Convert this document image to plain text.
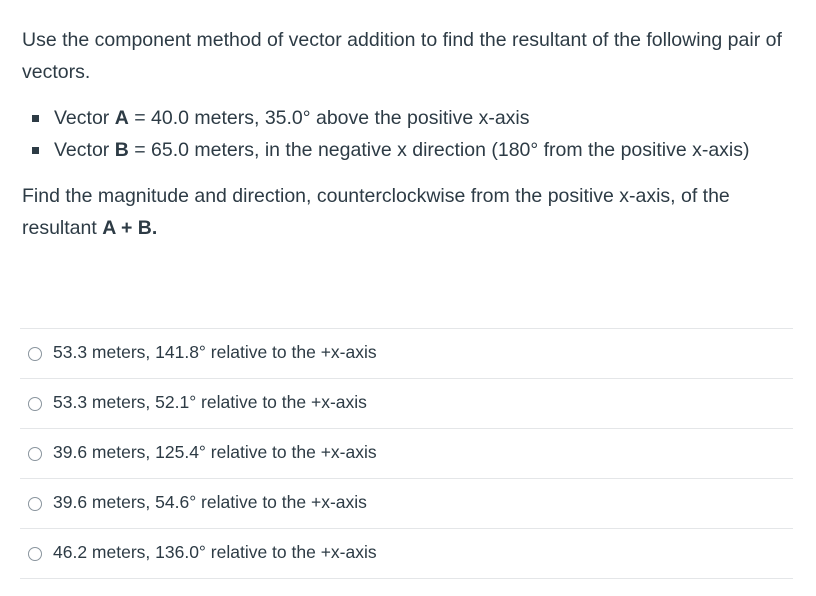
Use the component method of vector addition to find the resultant of the following pair of vectors.

Vector A = 40.0 meters, 35.0° above the positive x-axis
Vector B = 65.0 meters, in the negative x direction (180° from the positive x-axis)

Find the magnitude and direction, counterclockwise from the positive x-axis, of the resultant A + B.

53.3 meters, 141.8° relative to the +x-axis
53.3 meters, 52.1° relative to the +x-axis
39.6 meters, 125.4° relative to the +x-axis
39.6 meters, 54.6° relative to the +x-axis
46.2 meters, 136.0° relative to the +x-axis
